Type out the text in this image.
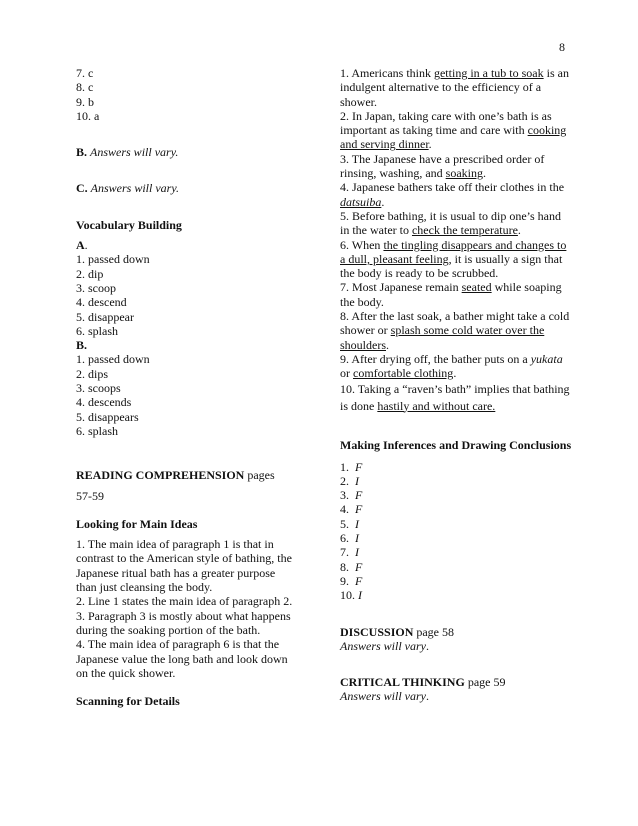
8
7. c
8. c
9. b
10. a
B. Answers will vary.
C. Answers will vary.
Vocabulary Building
A.
1. passed down
2. dip
3. scoop
4. descend
5. disappear
6. splash
B.
1. passed down
2. dips
3. scoops
4. descends
5. disappears
6. splash
READING COMPREHENSION pages
57-59
Looking for Main Ideas
1. The main idea of paragraph 1 is that in contrast to the American style of bathing, the Japanese ritual bath has a greater purpose than just cleansing the body.
2. Line 1 states the main idea of paragraph 2.
3. Paragraph 3 is mostly about what happens during the soaking portion of the bath.
4. The main idea of paragraph 6 is that the Japanese value the long bath and look down on the quick shower.
Scanning for Details
1. Americans think getting in a tub to soak is an indulgent alternative to the efficiency of a shower.
2. In Japan, taking care with one’s bath is as important as taking time and care with cooking and serving dinner.
3. The Japanese have a prescribed order of rinsing, washing, and soaking.
4. Japanese bathers take off their clothes in the datsuiba.
5. Before bathing, it is usual to dip one’s hand in the water to check the temperature.
6. When the tingling disappears and changes to a dull, pleasant feeling, it is usually a sign that the body is ready to be scrubbed.
7. Most Japanese remain seated while soaping the body.
8. After the last soak, a bather might take a cold shower or splash some cold water over the shoulders.
9. After drying off, the bather puts on a yukata or comfortable clothing.
10. Taking a “raven’s bath” implies that bathing is done hastily and without care.
Making Inferences and Drawing Conclusions
1. F
2. I
3. F
4. F
5. I
6. I
7. I
8. F
9. F
10. I
DISCUSSION page 58
Answers will vary.
CRITICAL THINKING page 59
Answers will vary.
